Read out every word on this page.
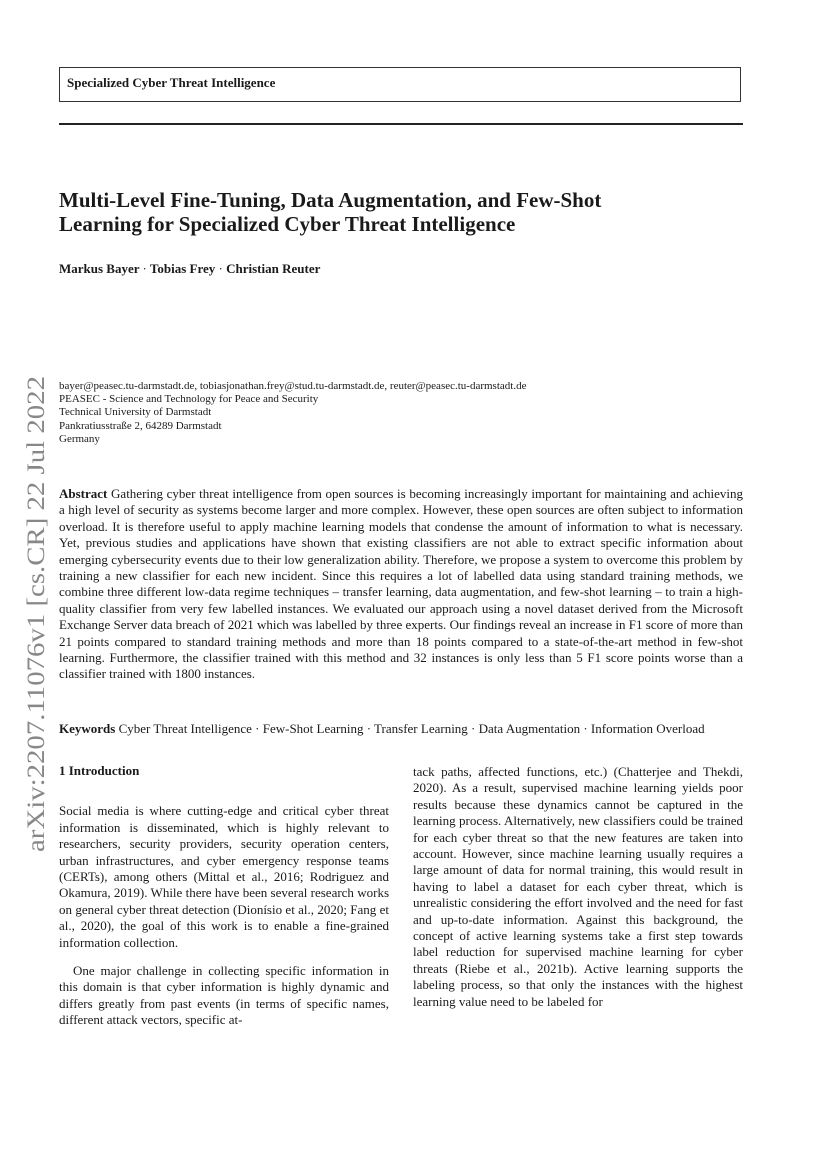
Specialized Cyber Threat Intelligence
arXiv:2207.11076v1 [cs.CR] 22 Jul 2022
Multi-Level Fine-Tuning, Data Augmentation, and Few-Shot
Learning for Specialized Cyber Threat Intelligence
Markus Bayer · Tobias Frey · Christian Reuter
bayer@peasec.tu-darmstadt.de, tobiasjonathan.frey@stud.tu-darmstadt.de, reuter@peasec.tu-darmstadt.de
PEASEC - Science and Technology for Peace and Security
Technical University of Darmstadt
Pankratiusstraße 2, 64289 Darmstadt
Germany

Abstract Gathering cyber threat intelligence from open sources is becoming increasingly important for maintaining and achieving a high level of security as systems become larger and more complex. However, these open sources are often subject to information overload. It is therefore useful to apply machine learning models that condense the amount of information to what is necessary. Yet, previous studies and applications have shown that existing classifiers are not able to extract specific information about emerging cybersecurity events due to their low generalization ability. Therefore, we propose a system to overcome this problem by training a new classifier for each new incident. Since this requires a lot of labelled data using standard training methods, we combine three different low-data regime techniques – transfer learning, data augmentation, and few-shot learning – to train a high-quality classifier from very few labelled instances. We evaluated our approach using a novel dataset derived from the Microsoft Exchange Server data breach of 2021 which was labelled by three experts. Our findings reveal an increase in F1 score of more than 21 points compared to standard training methods and more than 18 points compared to a state-of-the-art method in few-shot learning. Furthermore, the classifier trained with this method and 32 instances is only less than 5 F1 score points worse than a classifier trained with 1800 instances.

Keywords Cyber Threat Intelligence · Few-Shot Learning · Transfer Learning · Data Augmentation · Information Overload

1 Introduction

Social media is where cutting-edge and critical cyber threat information is disseminated, which is highly relevant to researchers, security providers, security operation centers, urban infrastructures, and cyber emergency response teams (CERTs), among others (Mittal et al., 2016; Rodriguez and Okamura, 2019). While there have been several research works on general cyber threat detection (Dionísio et al., 2020; Fang et al., 2020), the goal of this work is to enable a fine-grained information collection.

One major challenge in collecting specific information in this domain is that cyber information is highly dynamic and differs greatly from past events (in terms of specific names, different attack vectors, specific at-

tack paths, affected functions, etc.) (Chatterjee and Thekdi, 2020). As a result, supervised machine learning yields poor results because these dynamics cannot be captured in the learning process. Alternatively, new classifiers could be trained for each cyber threat so that the new features are taken into account. However, since machine learning usually requires a large amount of data for normal training, this would result in having to label a dataset for each cyber threat, which is unrealistic considering the effort involved and the need for fast and up-to-date information. Against this background, the concept of active learning systems take a first step towards label reduction for supervised machine learning for cyber threats (Riebe et al., 2021b). Active learning supports the labeling process, so that only the instances with the highest learning value need to be labeled for
